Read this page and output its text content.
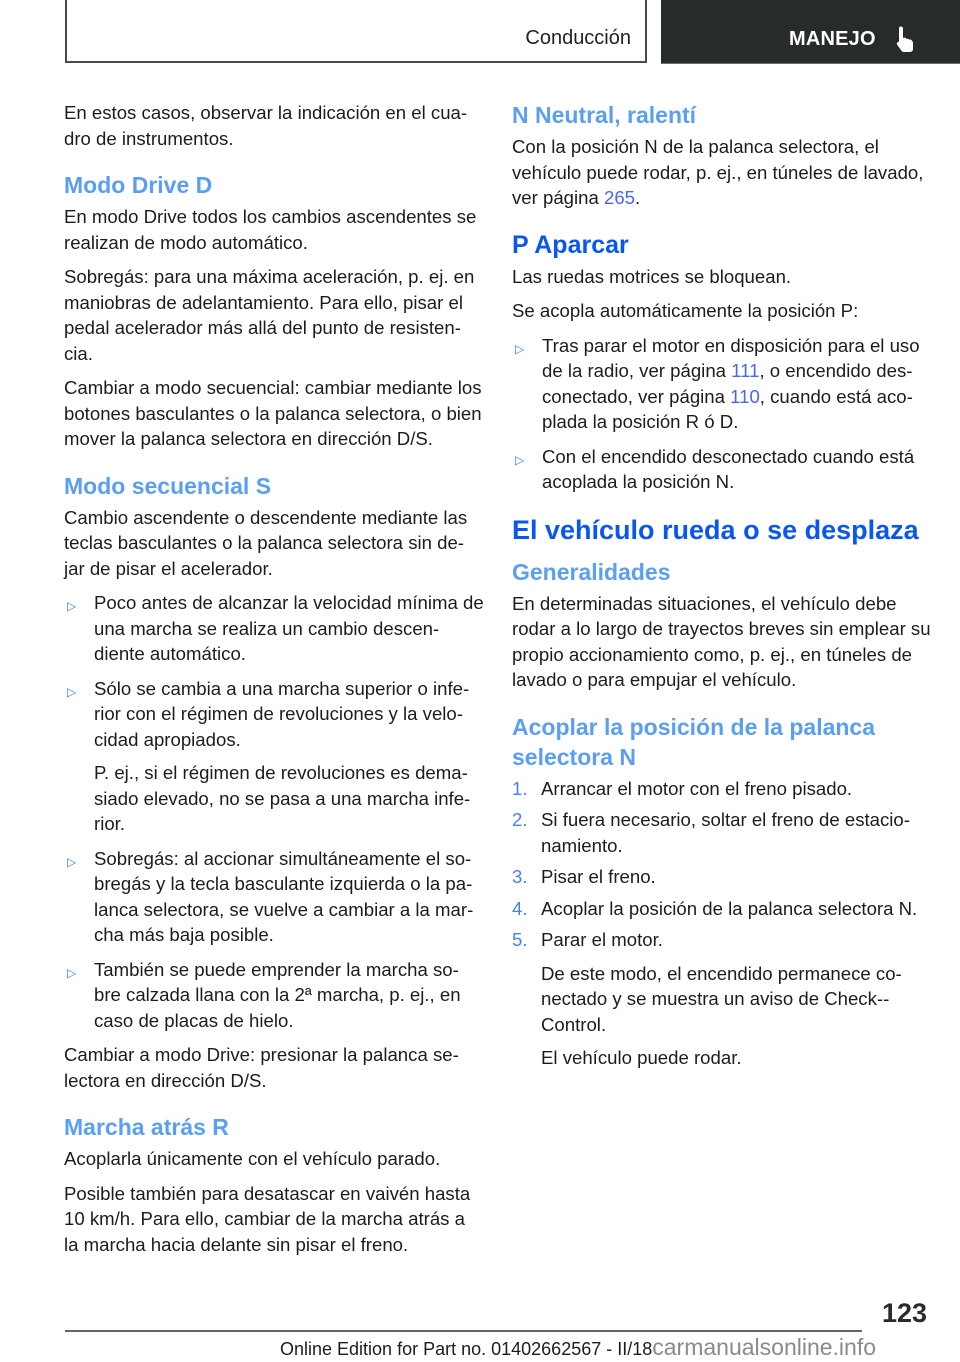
Conducción	MANEJO

En estos casos, observar la indicación en el cua-dro de instrumentos.

Modo Drive D

En modo Drive todos los cambios ascendentes se realizan de modo automático.

Sobregás: para una máxima aceleración, p. ej. en maniobras de adelantamiento. Para ello, pisar el pedal acelerador más allá del punto de resisten-cia.

Cambiar a modo secuencial: cambiar mediante los botones basculantes o la palanca selectora, o bien mover la palanca selectora en dirección D/S.

Modo secuencial S

Cambio ascendente o descendente mediante las teclas basculantes o la palanca selectora sin de-jar de pisar el acelerador.

▷ Poco antes de alcanzar la velocidad mínima de una marcha se realiza un cambio descen-diente automático.
▷ Sólo se cambia a una marcha superior o infe-rior con el régimen de revoluciones y la velo-cidad apropiados.

P. ej., si el régimen de revoluciones es dema-siado elevado, no se pasa a una marcha infe-rior.

▷ Sobregás: al accionar simultáneamente el so-bregás y la tecla basculante izquierda o la pa-lanca selectora, se vuelve a cambiar a la mar-cha más baja posible.
▷ También se puede emprender la marcha so-bre calzada llana con la 2ª marcha, p. ej., en caso de placas de hielo.

Cambiar a modo Drive: presionar la palanca se-lectora en dirección D/S.

Marcha atrás R

Acoplarla únicamente con el vehículo parado.

Posible también para desatascar en vaivén hasta 10 km/h. Para ello, cambiar de la marcha atrás a la marcha hacia delante sin pisar el freno.

N Neutral, ralentí

Con la posición N de la palanca selectora, el vehículo puede rodar, p. ej., en túneles de lavado, ver página 265.

P Aparcar

Las ruedas motrices se bloquean.

Se acopla automáticamente la posición P:

▷ Tras parar el motor en disposición para el uso de la radio, ver página 111, o encendido des-conectado, ver página 110, cuando está aco-plada la posición R ó D.
▷ Con el encendido desconectado cuando está acoplada la posición N.
El vehículo rueda o se desplaza
Generalidades

En determinadas situaciones, el vehículo debe rodar a lo largo de trayectos breves sin emplear su propio accionamiento como, p. ej., en túneles de lavado o para empujar el vehículo.

Acoplar la posición de la palanca selectora N
1. Arrancar el motor con el freno pisado.
2. Si fuera necesario, soltar el freno de estacio-namiento.
3. Pisar el freno.
4. Acoplar la posición de la palanca selectora N.
5. Parar el motor.

De este modo, el encendido permanece co-nectado y se muestra un aviso de Check--Control.

El vehículo puede rodar.

123
Online Edition for Part no. 01402662567 - II/18carmanualsonline.info
